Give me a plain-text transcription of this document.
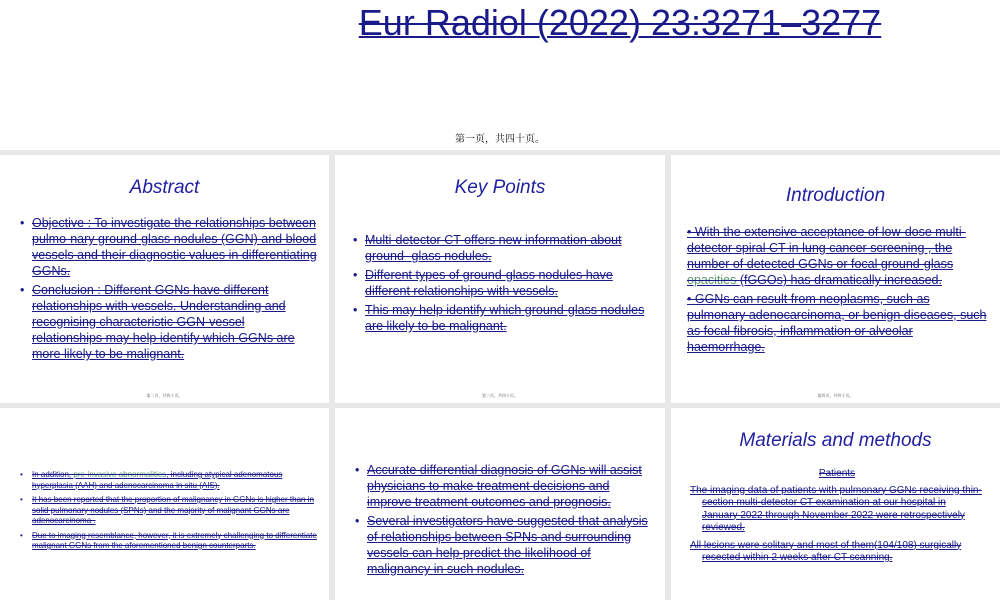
Eur Radiol (2022) 23:3271–3277
第一页，共四十页。
Abstract
• Objective : To investigate the relationships between pulmo-nary ground-glass nodules (GGN) and blood vessels and their diagnostic values in differentiating GGNs.
• Conclusion : Different GGNs have different relationships with vessels. Understanding and recognising characteristic GGN-vessel relationships may help identify which GGNs are more likely to be malignant.
第二页，共四十页。
Key Points
• Multi-detector CT offers new information about ground- glass nodules.
• Different types of ground-glass nodules have different relationships with vessels.
• This may help identify which ground-glass nodules are likely to be malignant.
第三页，共四十页。
Introduction
• With the extensive acceptance of low-dose multi-detector spiral CT in lung cancer screening , the number of detected GGNs or focal ground-glass opacities (fGGOs) has dramatically increased.
• GGNs can result from neoplasms, such as pulmonary adenocarcinoma, or benign diseases, such as focal fibrosis, inflammation or alveolar haemorrhage.
第四页，共四十页。
• In addition, pre-invasive abnormalities, including atypical adenomatous hyperplasia (AAH) and adenocarcinoma in situ (AIS).
• It has been reported that the proportion of malignancy in GGNs is higher than in solid pulmonary nodules (SPNs) and the majority of malignant GGNs are adenocarcinoma .
• Due to imaging resemblance, however, it is extremely challenging to differentiate malignant GGNs from the aforementioned benign counterparts.
• Accurate differential diagnosis of GGNs will assist physicians to make treatment decisions and improve treatment outcomes and prognosis.
• Several investigators have suggested that analysis of relationships between SPNs and surrounding vessels can help predict the likelihood of malignancy in such nodules.
Materials and methods
Patients
The imaging data of patients with pulmonary GGNs receiving thin-section multi-detector CT examination at our hospital in January 2022 through November 2022 were retrospectively reviewed.
All lesions were solitary and most of them(104/108) surgically resected within 2 weeks after CT scanning.
